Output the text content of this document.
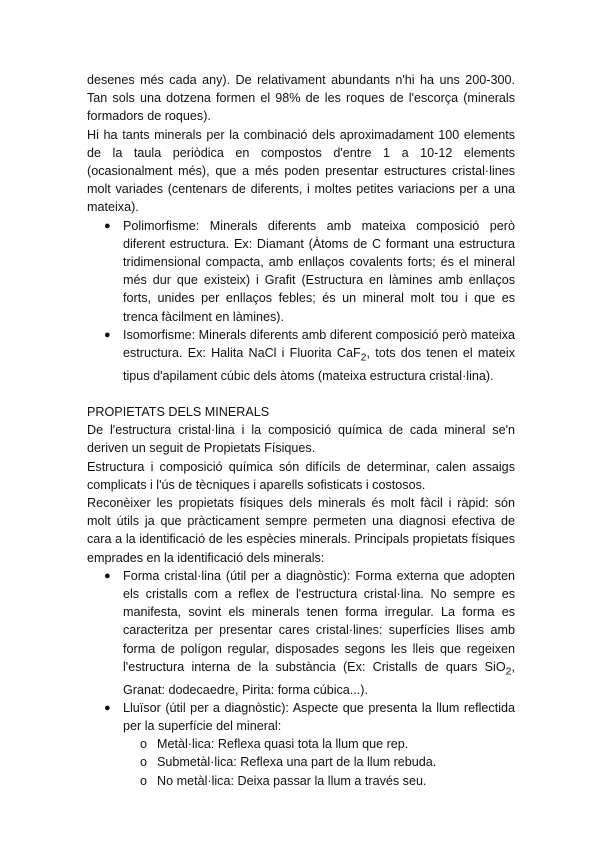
desenes més cada any). De relativament abundants n'hi ha uns 200-300. Tan sols una dotzena formen el 98% de les roques de l'escorça (minerals formadors de roques).

Hi ha tants minerals per la combinació dels aproximadament 100 elements de la taula periòdica en compostos d'entre 1 a 10-12 elements (ocasionalment més), que a més poden presentar estructures cristal·lines molt variades (centenars de diferents, i moltes petites variacions per a una mateixa).

● Polimorfisme: Minerals diferents amb mateixa composició però diferent estructura. Ex: Diamant (Àtoms de C formant una estructura tridimensional compacta, amb enllaços covalents forts; és el mineral més dur que existeix) i Grafit (Estructura en làmines amb enllaços forts, unides per enllaços febles; és un mineral molt tou i que es trenca fàcilment en làmines).
● Isomorfisme: Minerals diferents amb diferent composició però mateixa estructura. Ex: Halita NaCl i Fluorita CaF$_2$, tots dos tenen el mateix tipus d'apilament cúbic dels àtoms (mateixa estructura cristal·lina).

PROPIETATS DELS MINERALS

De l'estructura cristal·lina i la composició química de cada mineral se'n deriven un seguit de Propietats Físiques.

Estructura i composició química són difícils de determinar, calen assaigs complicats i l'ús de tècniques i aparells sofisticats i costosos.

Reconèixer les propietats físiques dels minerals és molt fàcil i ràpid: són molt útils ja que pràcticament sempre permeten una diagnosi efectiva de cara a la identificació de les espècies minerals. Principals propietats físiques emprades en la identificació dels minerals:

● Forma cristal·lina (útil per a diagnòstic): Forma externa que adopten els cristalls com a reflex de l'estructura cristal·lina. No sempre es manifesta, sovint els minerals tenen forma irregular. La forma es caracteritza per presentar cares cristal·lines: superfícies llises amb forma de polígon regular, disposades segons les lleis que regeixen l'estructura interna de la substància (Ex: Cristalls de quars SiO$_2$, Granat: dodecaedre, Pirita: forma cúbica...).
● Lluïsor (útil per a diagnòstic): Aspecte que presenta la llum reflectida per la superfície del mineral:
o Metàl·lica: Reflexa quasi tota la llum que rep.
o Submetàl·lica: Reflexa una part de la llum rebuda.
o No metàl·lica: Deixa passar la llum a través seu.
